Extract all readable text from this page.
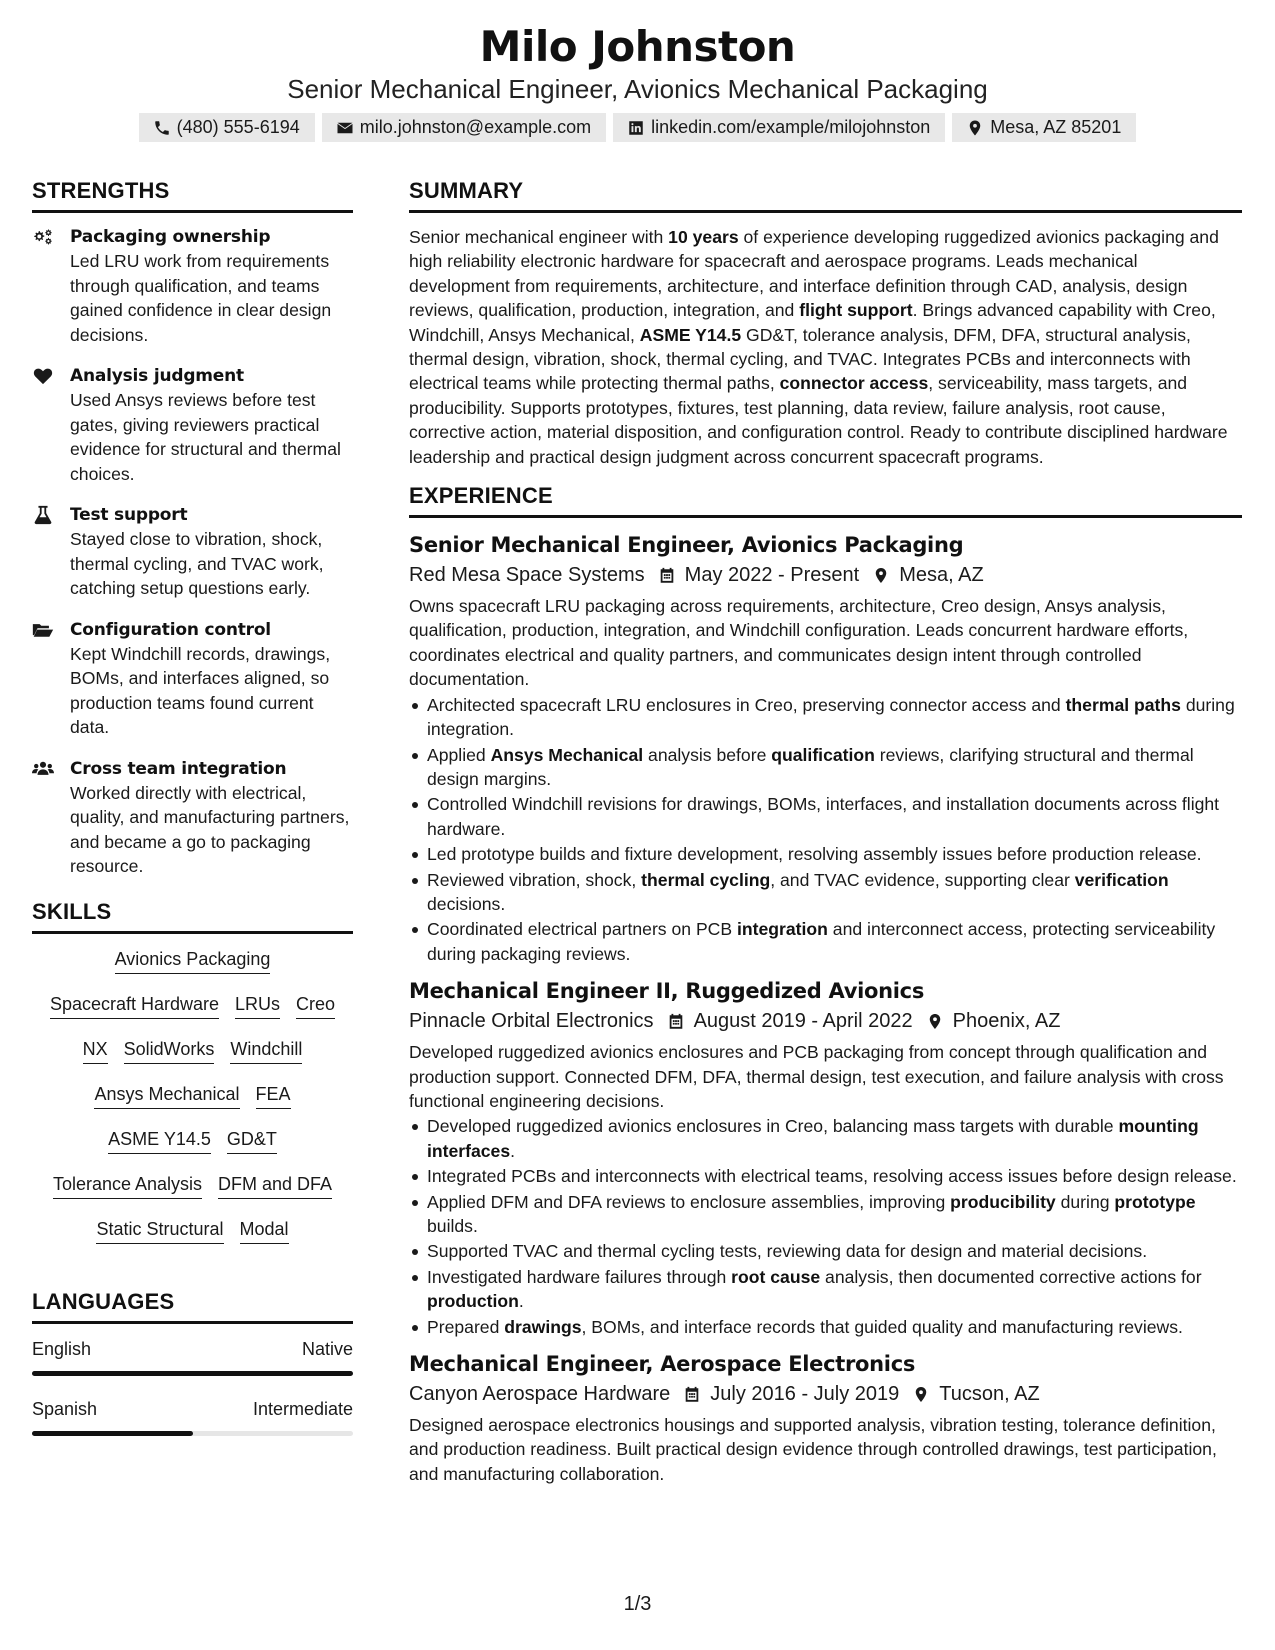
Milo Johnston
Senior Mechanical Engineer, Avionics Mechanical Packaging
(480) 555-6194	milo.johnston@example.com	linkedin.com/example/milojohnston	Mesa, AZ 85201
STRENGTHS
Packaging ownership
Led LRU work from requirements through qualification, and teams gained confidence in clear design decisions.
Analysis judgment
Used Ansys reviews before test gates, giving reviewers practical evidence for structural and thermal choices.
Test support
Stayed close to vibration, shock, thermal cycling, and TVAC work, catching setup questions early.
Configuration control
Kept Windchill records, drawings, BOMs, and interfaces aligned, so production teams found current data.
Cross team integration
Worked directly with electrical, quality, and manufacturing partners, and became a go to packaging resource.
SKILLS
Avionics Packaging
Spacecraft Hardware LRUs Creo
NX SolidWorks Windchill
Ansys Mechanical FEA
ASME Y14.5 GD&T
Tolerance Analysis DFM and DFA
Static Structural Modal
LANGUAGES
English	Native
Spanish	Intermediate
SUMMARY
Senior mechanical engineer with 10 years of experience developing ruggedized avionics packaging and high reliability electronic hardware for spacecraft and aerospace programs. Leads mechanical development from requirements, architecture, and interface definition through CAD, analysis, design reviews, qualification, production, integration, and flight support. Brings advanced capability with Creo, Windchill, Ansys Mechanical, ASME Y14.5 GD&T, tolerance analysis, DFM, DFA, structural analysis, thermal design, vibration, shock, thermal cycling, and TVAC. Integrates PCBs and interconnects with electrical teams while protecting thermal paths, connector access, serviceability, mass targets, and producibility. Supports prototypes, fixtures, test planning, data review, failure analysis, root cause, corrective action, material disposition, and configuration control. Ready to contribute disciplined hardware leadership and practical design judgment across concurrent spacecraft programs.
EXPERIENCE
Senior Mechanical Engineer, Avionics Packaging
Red Mesa Space Systems May 2022 - Present Mesa, AZ
Owns spacecraft LRU packaging across requirements, architecture, Creo design, Ansys analysis, qualification, production, integration, and Windchill configuration. Leads concurrent hardware efforts, coordinates electrical and quality partners, and communicates design intent through controlled documentation.
Architected spacecraft LRU enclosures in Creo, preserving connector access and thermal paths during integration.
Applied Ansys Mechanical analysis before qualification reviews, clarifying structural and thermal design margins.
Controlled Windchill revisions for drawings, BOMs, interfaces, and installation documents across flight hardware.
Led prototype builds and fixture development, resolving assembly issues before production release.
Reviewed vibration, shock, thermal cycling, and TVAC evidence, supporting clear verification decisions.
Coordinated electrical partners on PCB integration and interconnect access, protecting serviceability during packaging reviews.
Mechanical Engineer II, Ruggedized Avionics
Pinnacle Orbital Electronics August 2019 - April 2022 Phoenix, AZ
Developed ruggedized avionics enclosures and PCB packaging from concept through qualification and production support. Connected DFM, DFA, thermal design, test execution, and failure analysis with cross functional engineering decisions.
Developed ruggedized avionics enclosures in Creo, balancing mass targets with durable mounting interfaces.
Integrated PCBs and interconnects with electrical teams, resolving access issues before design release.
Applied DFM and DFA reviews to enclosure assemblies, improving producibility during prototype builds.
Supported TVAC and thermal cycling tests, reviewing data for design and material decisions.
Investigated hardware failures through root cause analysis, then documented corrective actions for production.
Prepared drawings, BOMs, and interface records that guided quality and manufacturing reviews.
Mechanical Engineer, Aerospace Electronics
Canyon Aerospace Hardware July 2016 - July 2019 Tucson, AZ
Designed aerospace electronics housings and supported analysis, vibration testing, tolerance definition, and production readiness. Built practical design evidence through controlled drawings, test participation, and manufacturing collaboration.
1/3
